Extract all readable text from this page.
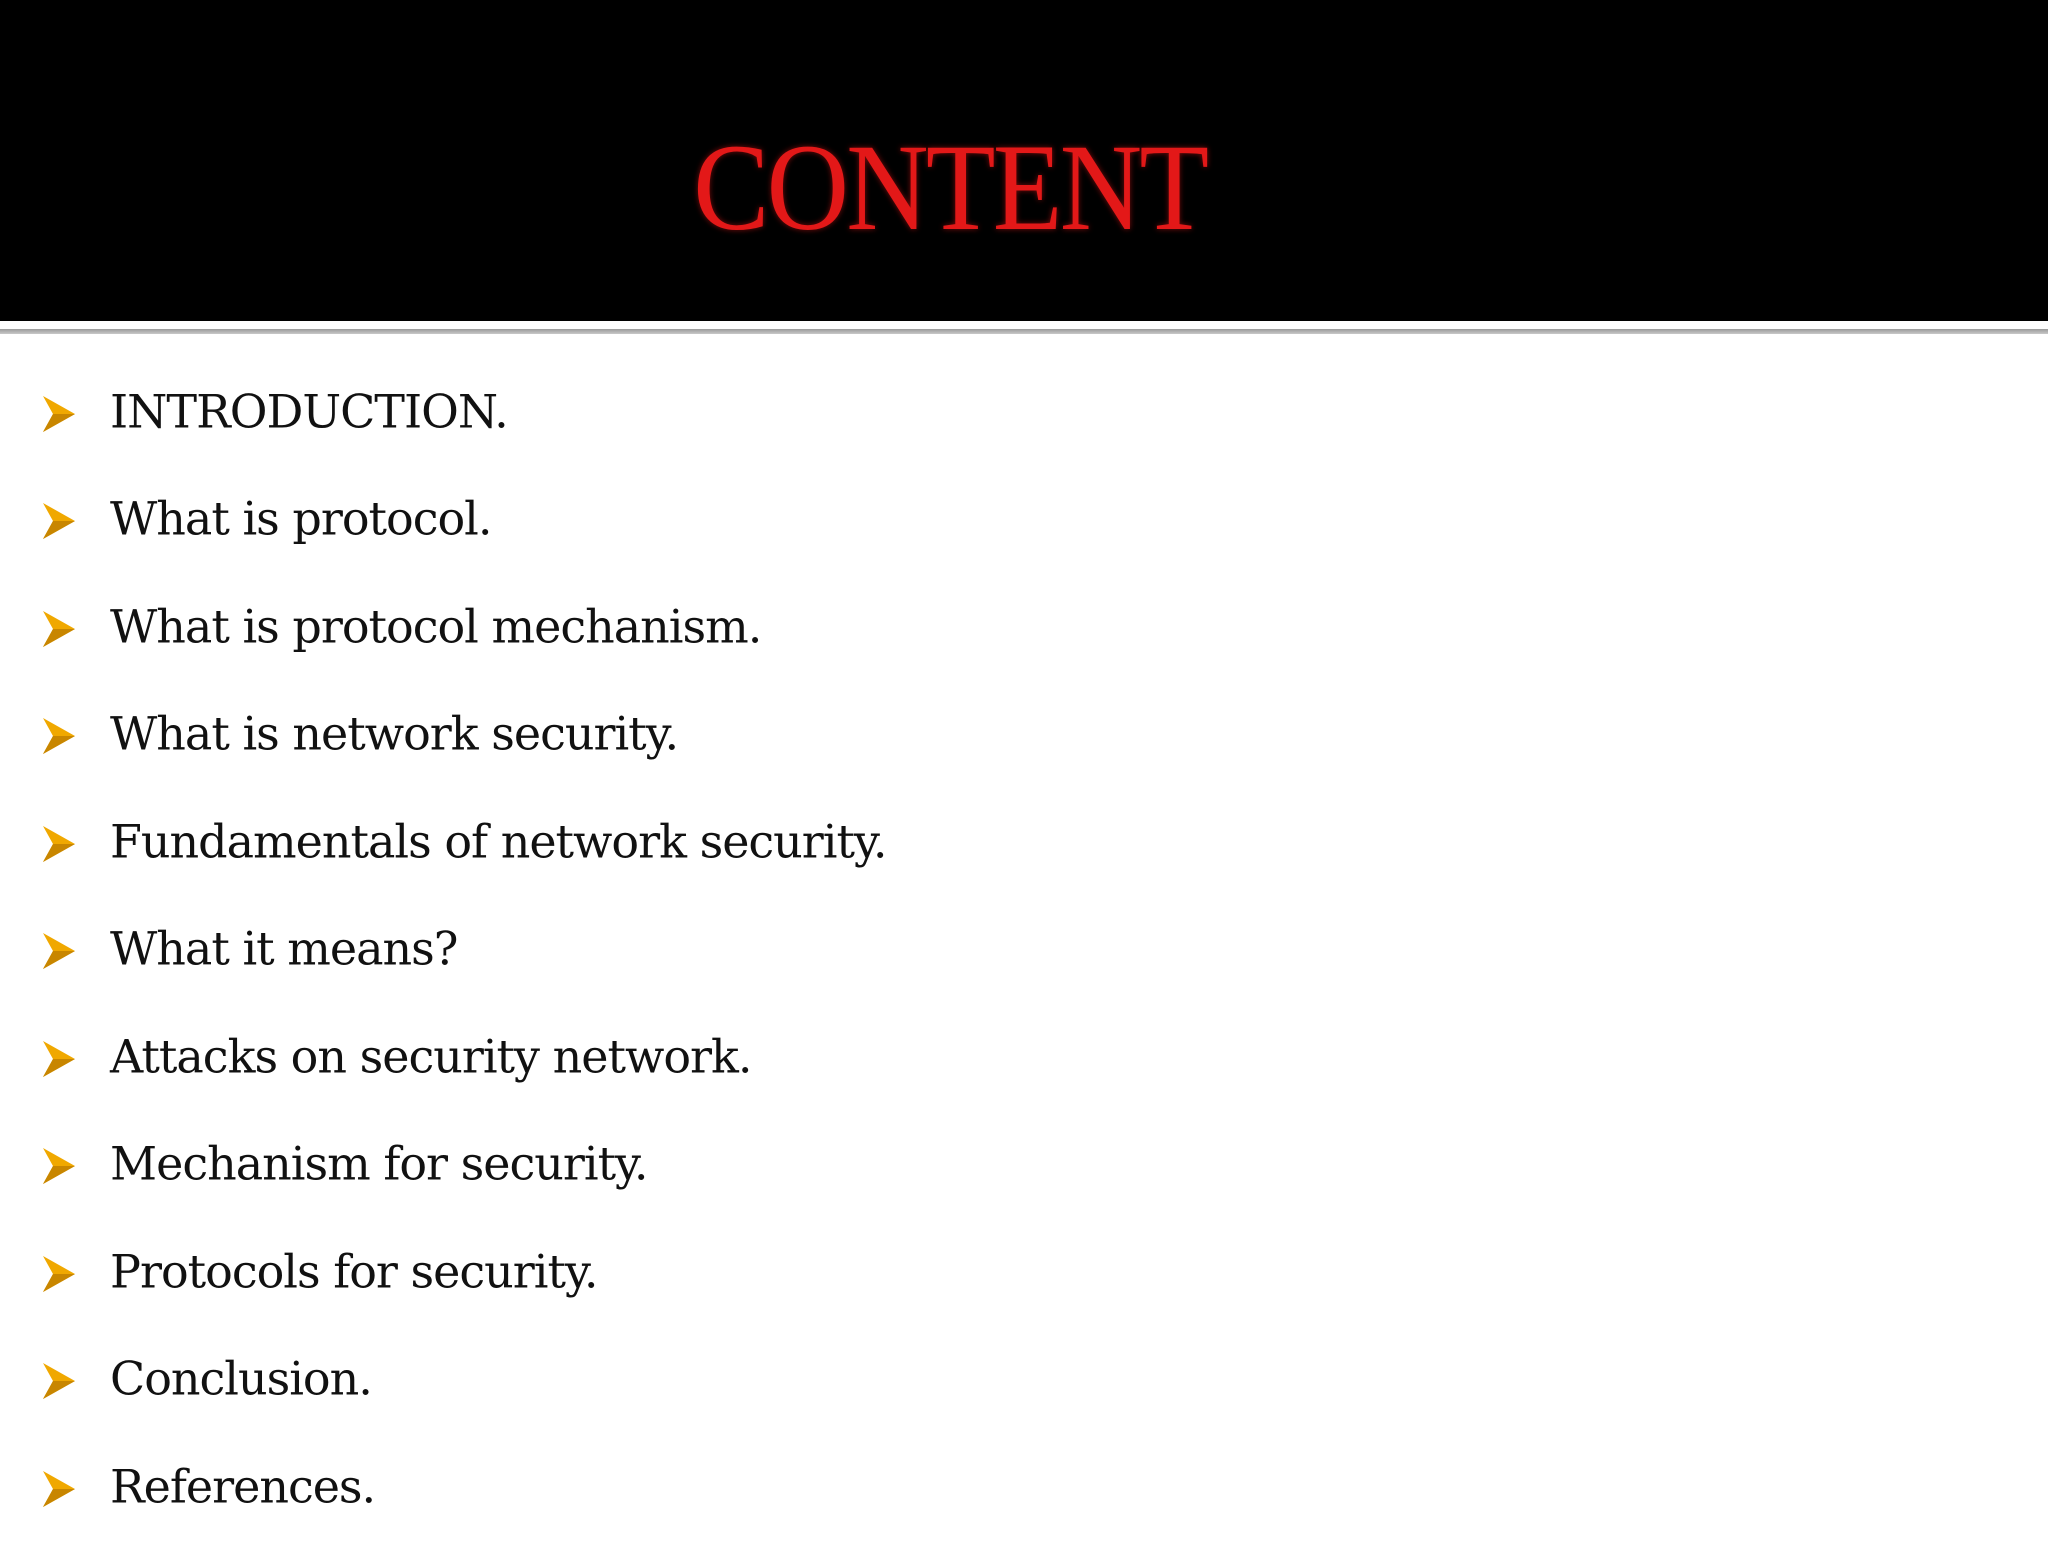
CONTENT
INTRODUCTION.
What is protocol.
What is protocol mechanism.
What is network security.
Fundamentals of network security.
What it means?
Attacks on security network.
Mechanism for security.
Protocols for security.
Conclusion.
References.
